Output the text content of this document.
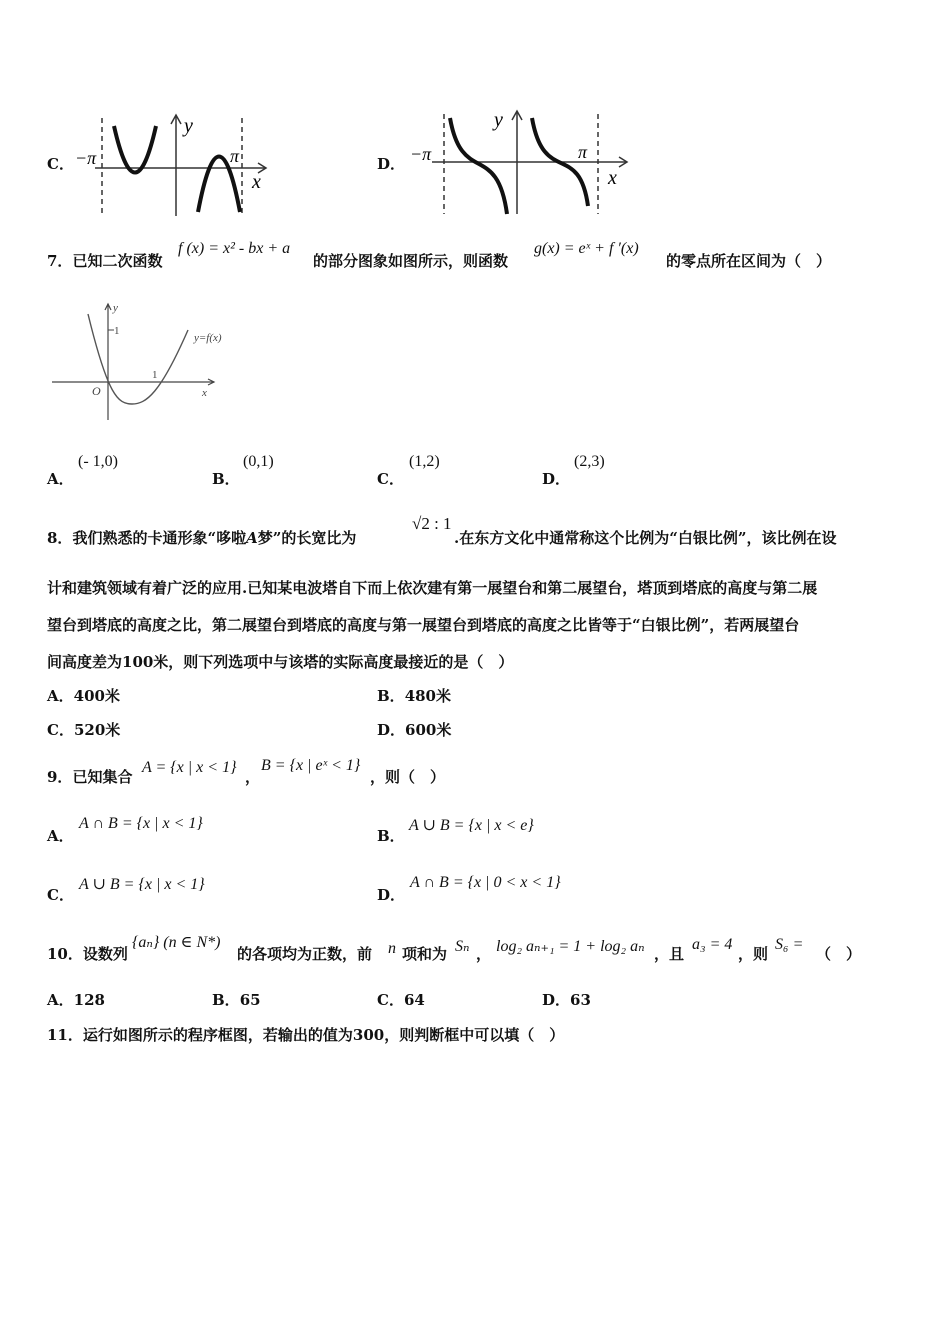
C． −π	π
y
x
D． −π	π
y
x
7．已知二次函数
f (x) = x² - bx + a
的部分图象如图所示，则函数
g(x) = eˣ + f ′(x)
的零点所在区间为（　）
y
1
y=f(x)
1
O	x
A．
(- 1,0)
B．
(0,1)
C．
(1,2)
D．
(2,3)
8．我们熟悉的卡通形象“哆啦A梦”的长宽比为
√2 : 1
.在东方文化中通常称这个比例为“白银比例”，该比例在设
计和建筑领域有着广泛的应用.已知某电波塔自下而上依次建有第一展望台和第二展望台，塔顶到塔底的高度与第二展
望台到塔底的高度之比，第二展望台到塔底的高度与第一展望台到塔底的高度之比皆等于“白银比例”，若两展望台
间高度差为100米，则下列选项中与该塔的实际高度最接近的是（　）
A．400米	B．480米
C．520米	D．600米
9．已知集合
A = {x | x < 1}
，
B = {x | eˣ < 1}
，则（　）
A．
A ∩ B = {x | x < 1}
B．
A ∪ B = {x | x < e}
C．
A ∪ B = {x | x < 1}
D．
A ∩ B = {x | 0 < x < 1}
10．设数列
{aₙ} (n ∈ N*)
的各项均为正数，前 n 项和为 Sₙ ， log₂ aₙ₊₁ = 1 + log₂ aₙ ，且
a₃ = 4
，则
S₆ =
（　）
A．128	B．65	C．64	D．63
11．运行如图所示的程序框图，若输出的值为300，则判断框中可以填（　）
